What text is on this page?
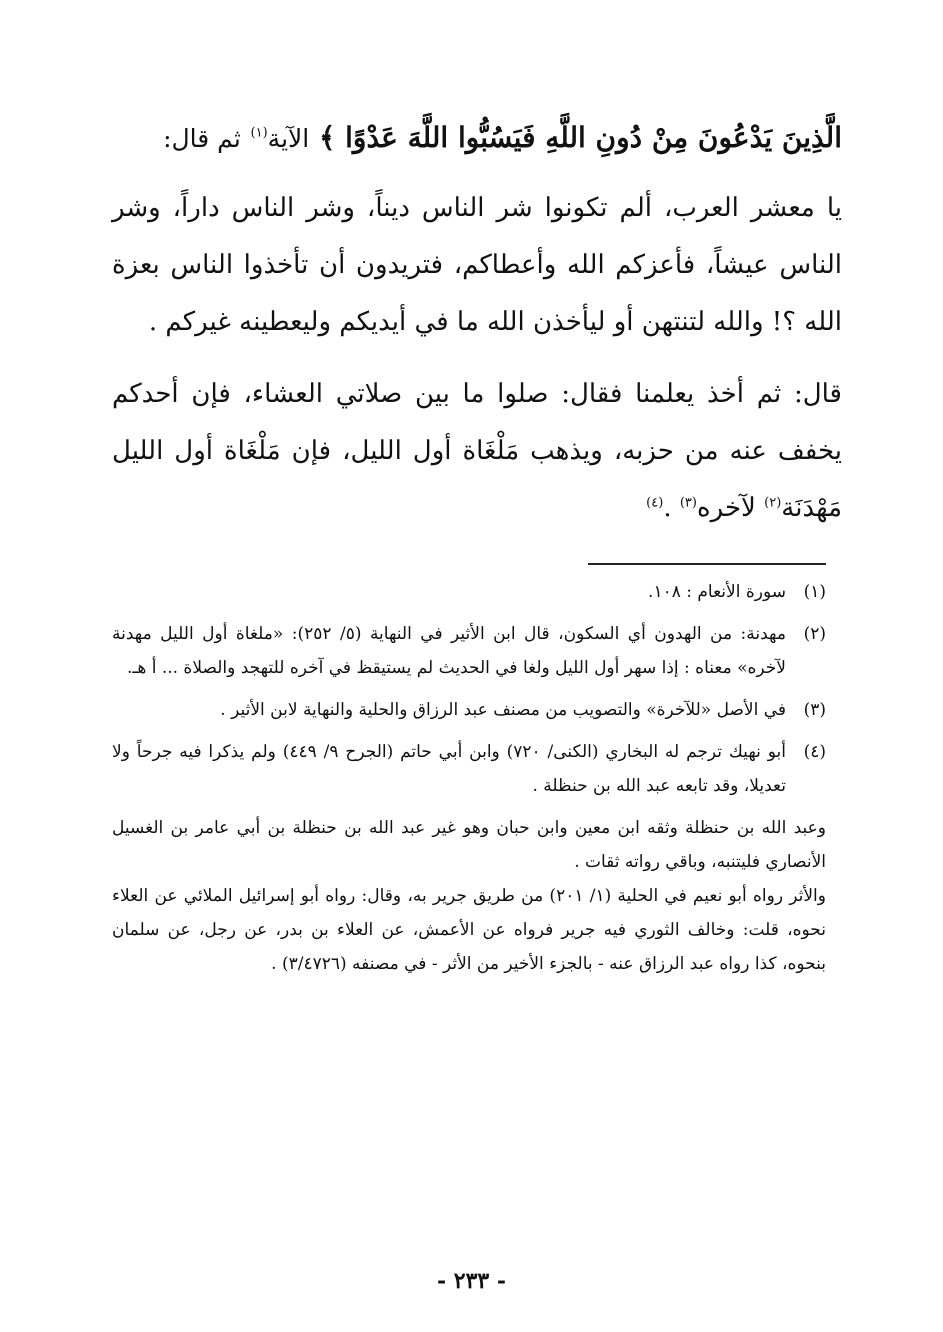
الَّذِينَ يَدْعُونَ مِنْ دُونِ اللَّهِ فَيَسُبُّوا اللَّهَ عَدْوًا ﴾ الآية$^{(١)}$ ثم قال:
يا معشر العرب، ألم تكونوا شر الناس ديناً، وشر الناس داراً، وشر الناس عيشاً، فأعزكم الله وأعطاكم، فتريدون أن تأخذوا الناس بعزة الله ؟! والله لتنتهن أو ليأخذن الله ما في أيديكم وليعطينه غيركم .
قال: ثم أخذ يعلمنا فقال: صلوا ما بين صلاتي العشاء، فإن أحدكم يخفف عنه من حزبه، ويذهب مَلْغَاة أول الليل، فإن مَلْغَاة أول الليل مَهْدَنَة$^{(٢)}$ لآخره$^{(٣)}$ .$^{(٤)}$
(١)
سورة الأنعام : ١٠٨.
(٢)
مهدنة: من الهدون أي السكون، قال ابن الأثير في النهاية (٥/ ٢٥٢): «ملغاة أول الليل مهدنة لآخره» معناه : إذا سهر أول الليل ولغا في الحديث لم يستيقظ في آخره للتهجد والصلاة ... أ هـ.
(٣)
في الأصل «للآخرة» والتصويب من مصنف عبد الرزاق والحلية والنهاية لابن الأثير .
(٤)
أبو نهيك ترجم له البخاري (الكنى/ ٧٢٠) وابن أبي حاتم (الجرح ٩/ ٤٤٩) ولم يذكرا فيه جرحاً ولا تعديلا، وقد تابعه عبد الله بن حنظلة .
وعبد الله بن حنظلة وثقه ابن معين وابن حبان وهو غير عبد الله بن حنظلة بن أبي عامر بن الغسيل الأنصاري فليتنبه، وباقي رواته ثقات .
والأثر رواه أبو نعيم في الحلية (١/ ٢٠١) من طريق جرير به، وقال: رواه أبو إسرائيل الملائي عن العلاء نحوه، قلت: وخالف الثوري فيه جرير فرواه عن الأعمش، عن العلاء بن بدر، عن رجل، عن سلمان بنحوه، كذا رواه عبد الرزاق عنه - بالجزء الأخير من الأثر - في مصنفه (٣/٤٧٢٦) .
- ٢٣٣ -
